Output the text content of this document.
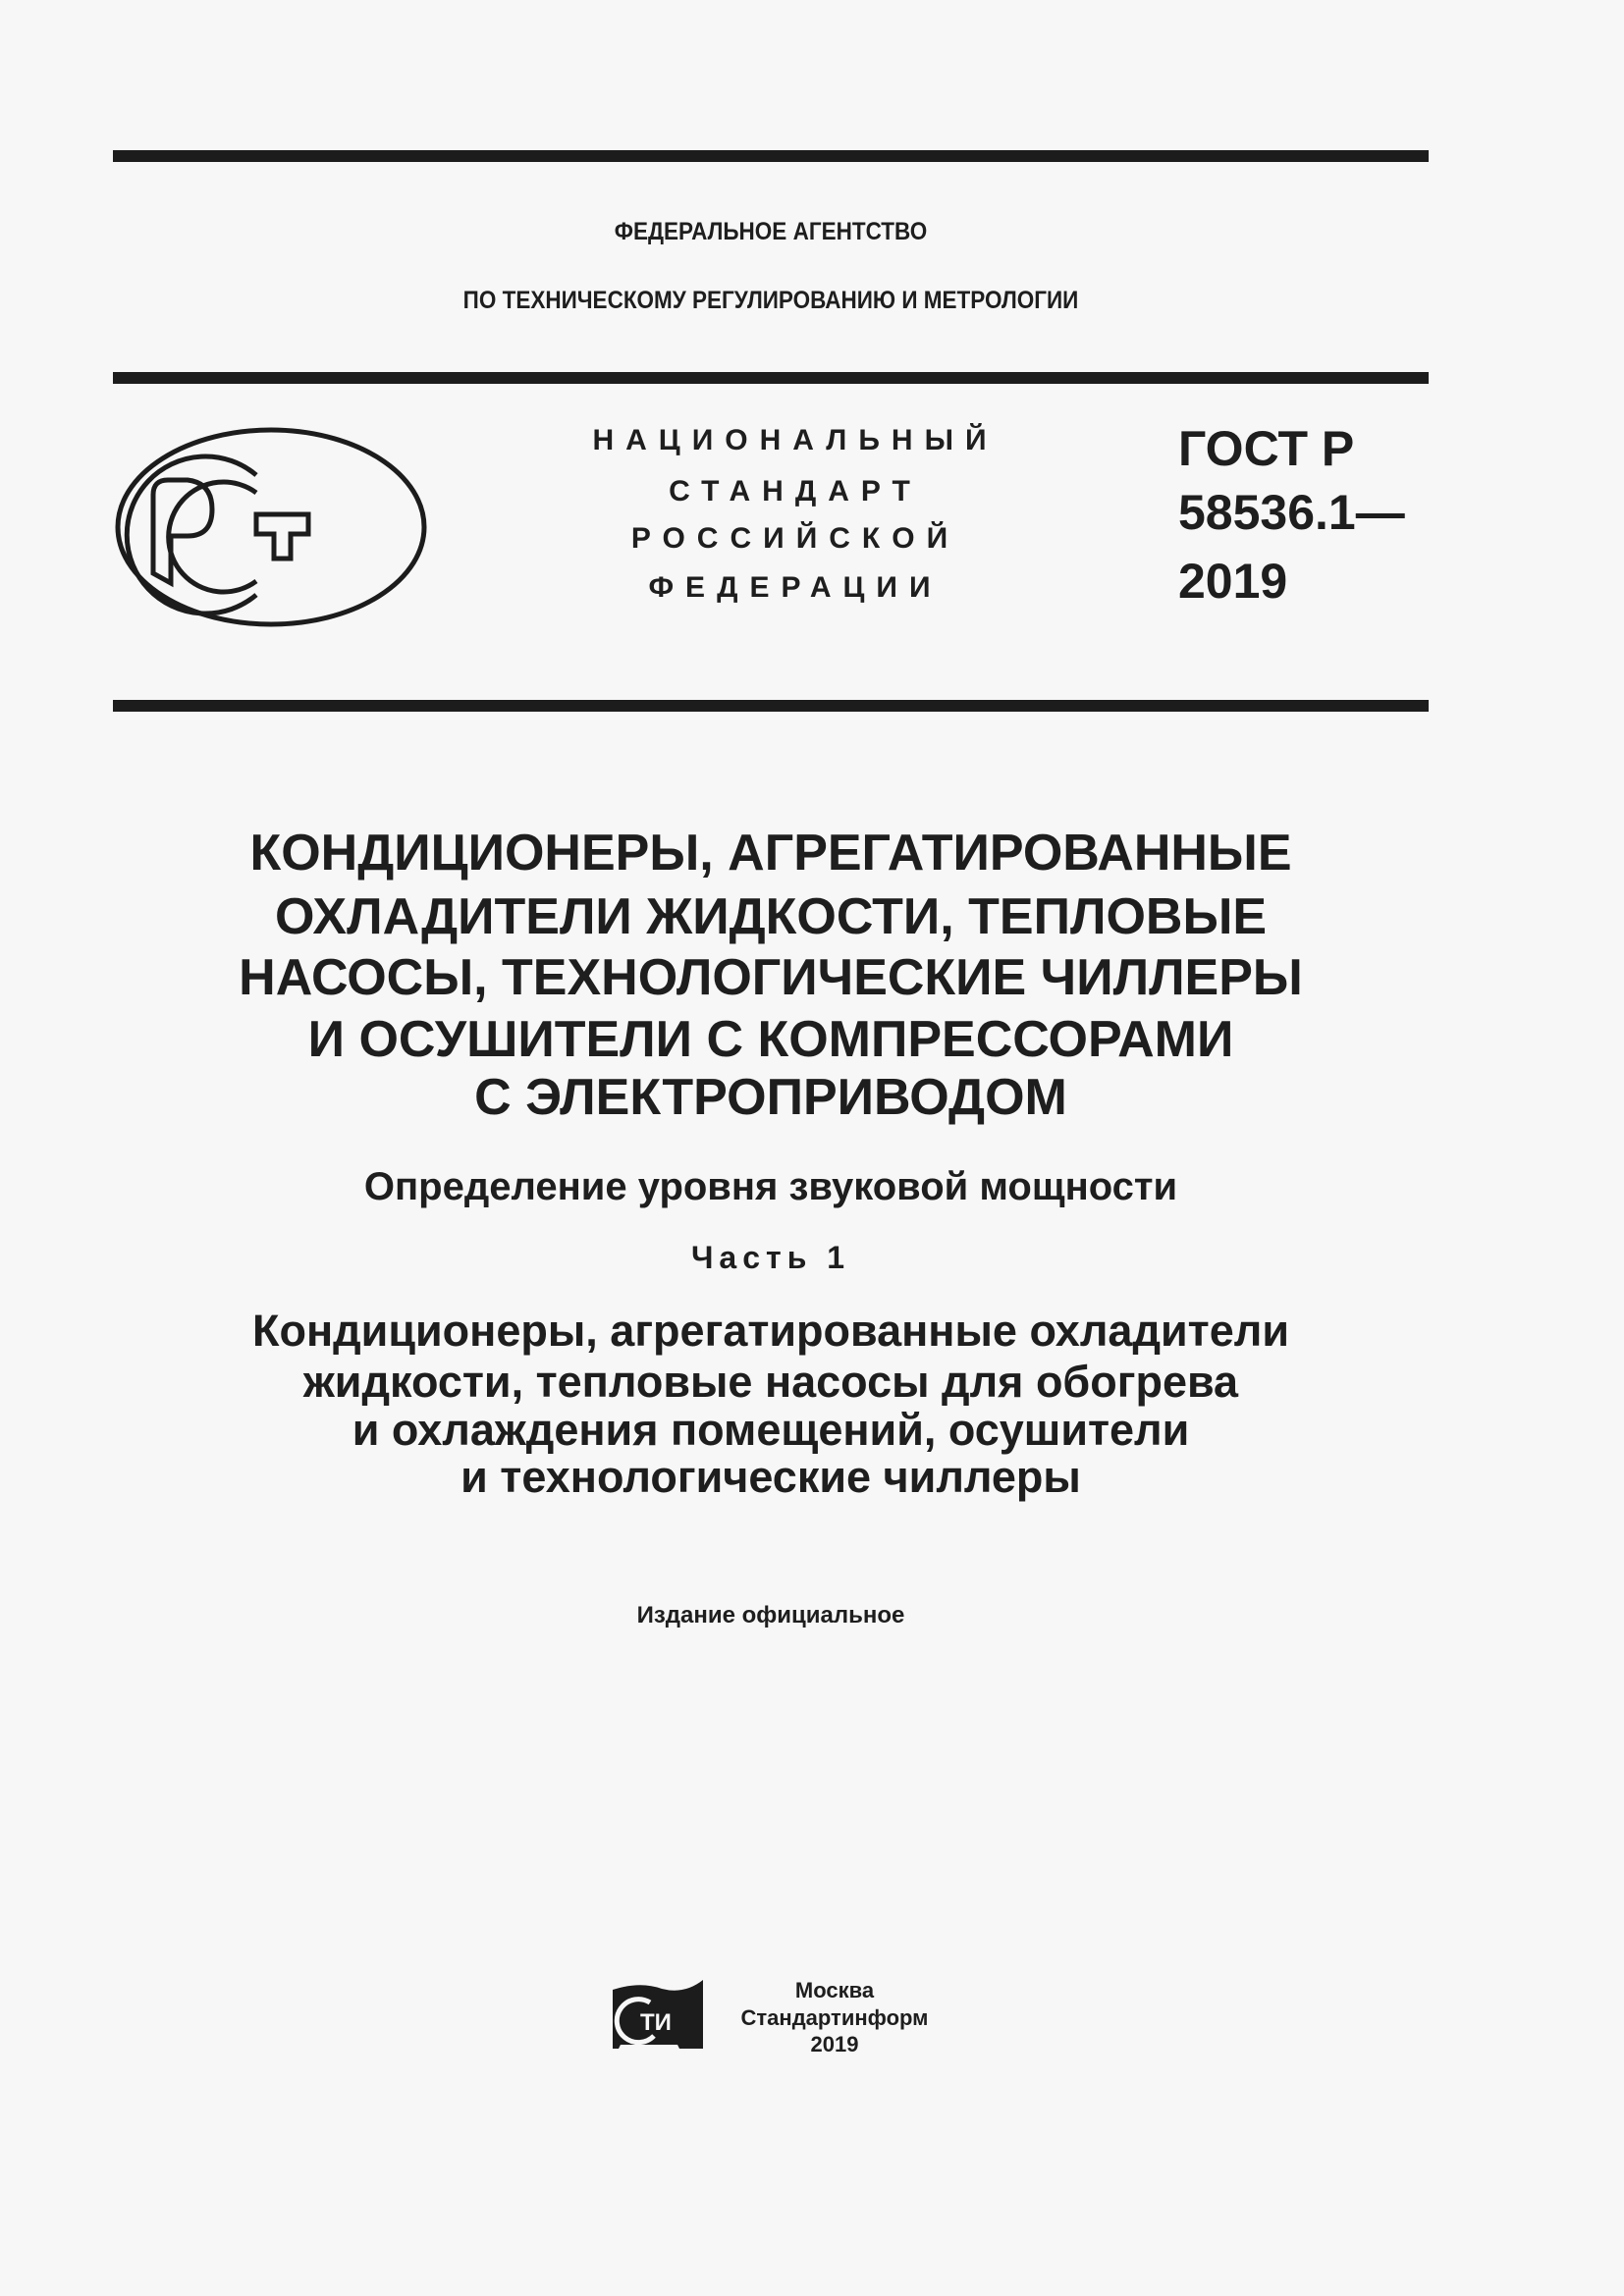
ФЕДЕРАЛЬНОЕ АГЕНТСТВО
ПО ТЕХНИЧЕСКОМУ РЕГУЛИРОВАНИЮ И МЕТРОЛОГИИ
НАЦИОНАЛЬНЫЙ
СТАНДАРТ
РОССИЙСКОЙ
ФЕДЕРАЦИИ
ГОСТ Р
58536.1—
2019
КОНДИЦИОНЕРЫ, АГРЕГАТИРОВАННЫЕ
ОХЛАДИТЕЛИ ЖИДКОСТИ, ТЕПЛОВЫЕ
НАСОСЫ, ТЕХНОЛОГИЧЕСКИЕ ЧИЛЛЕРЫ
И ОСУШИТЕЛИ С КОМПРЕССОРАМИ
С ЭЛЕКТРОПРИВОДОМ
Определение уровня звуковой мощности
Часть 1
Кондиционеры, агрегатированные охладители
жидкости, тепловые насосы для обогрева
и охлаждения помещений, осушители
и технологические чиллеры
Издание официальное
ТИ
Москва
Стандартинформ
2019
